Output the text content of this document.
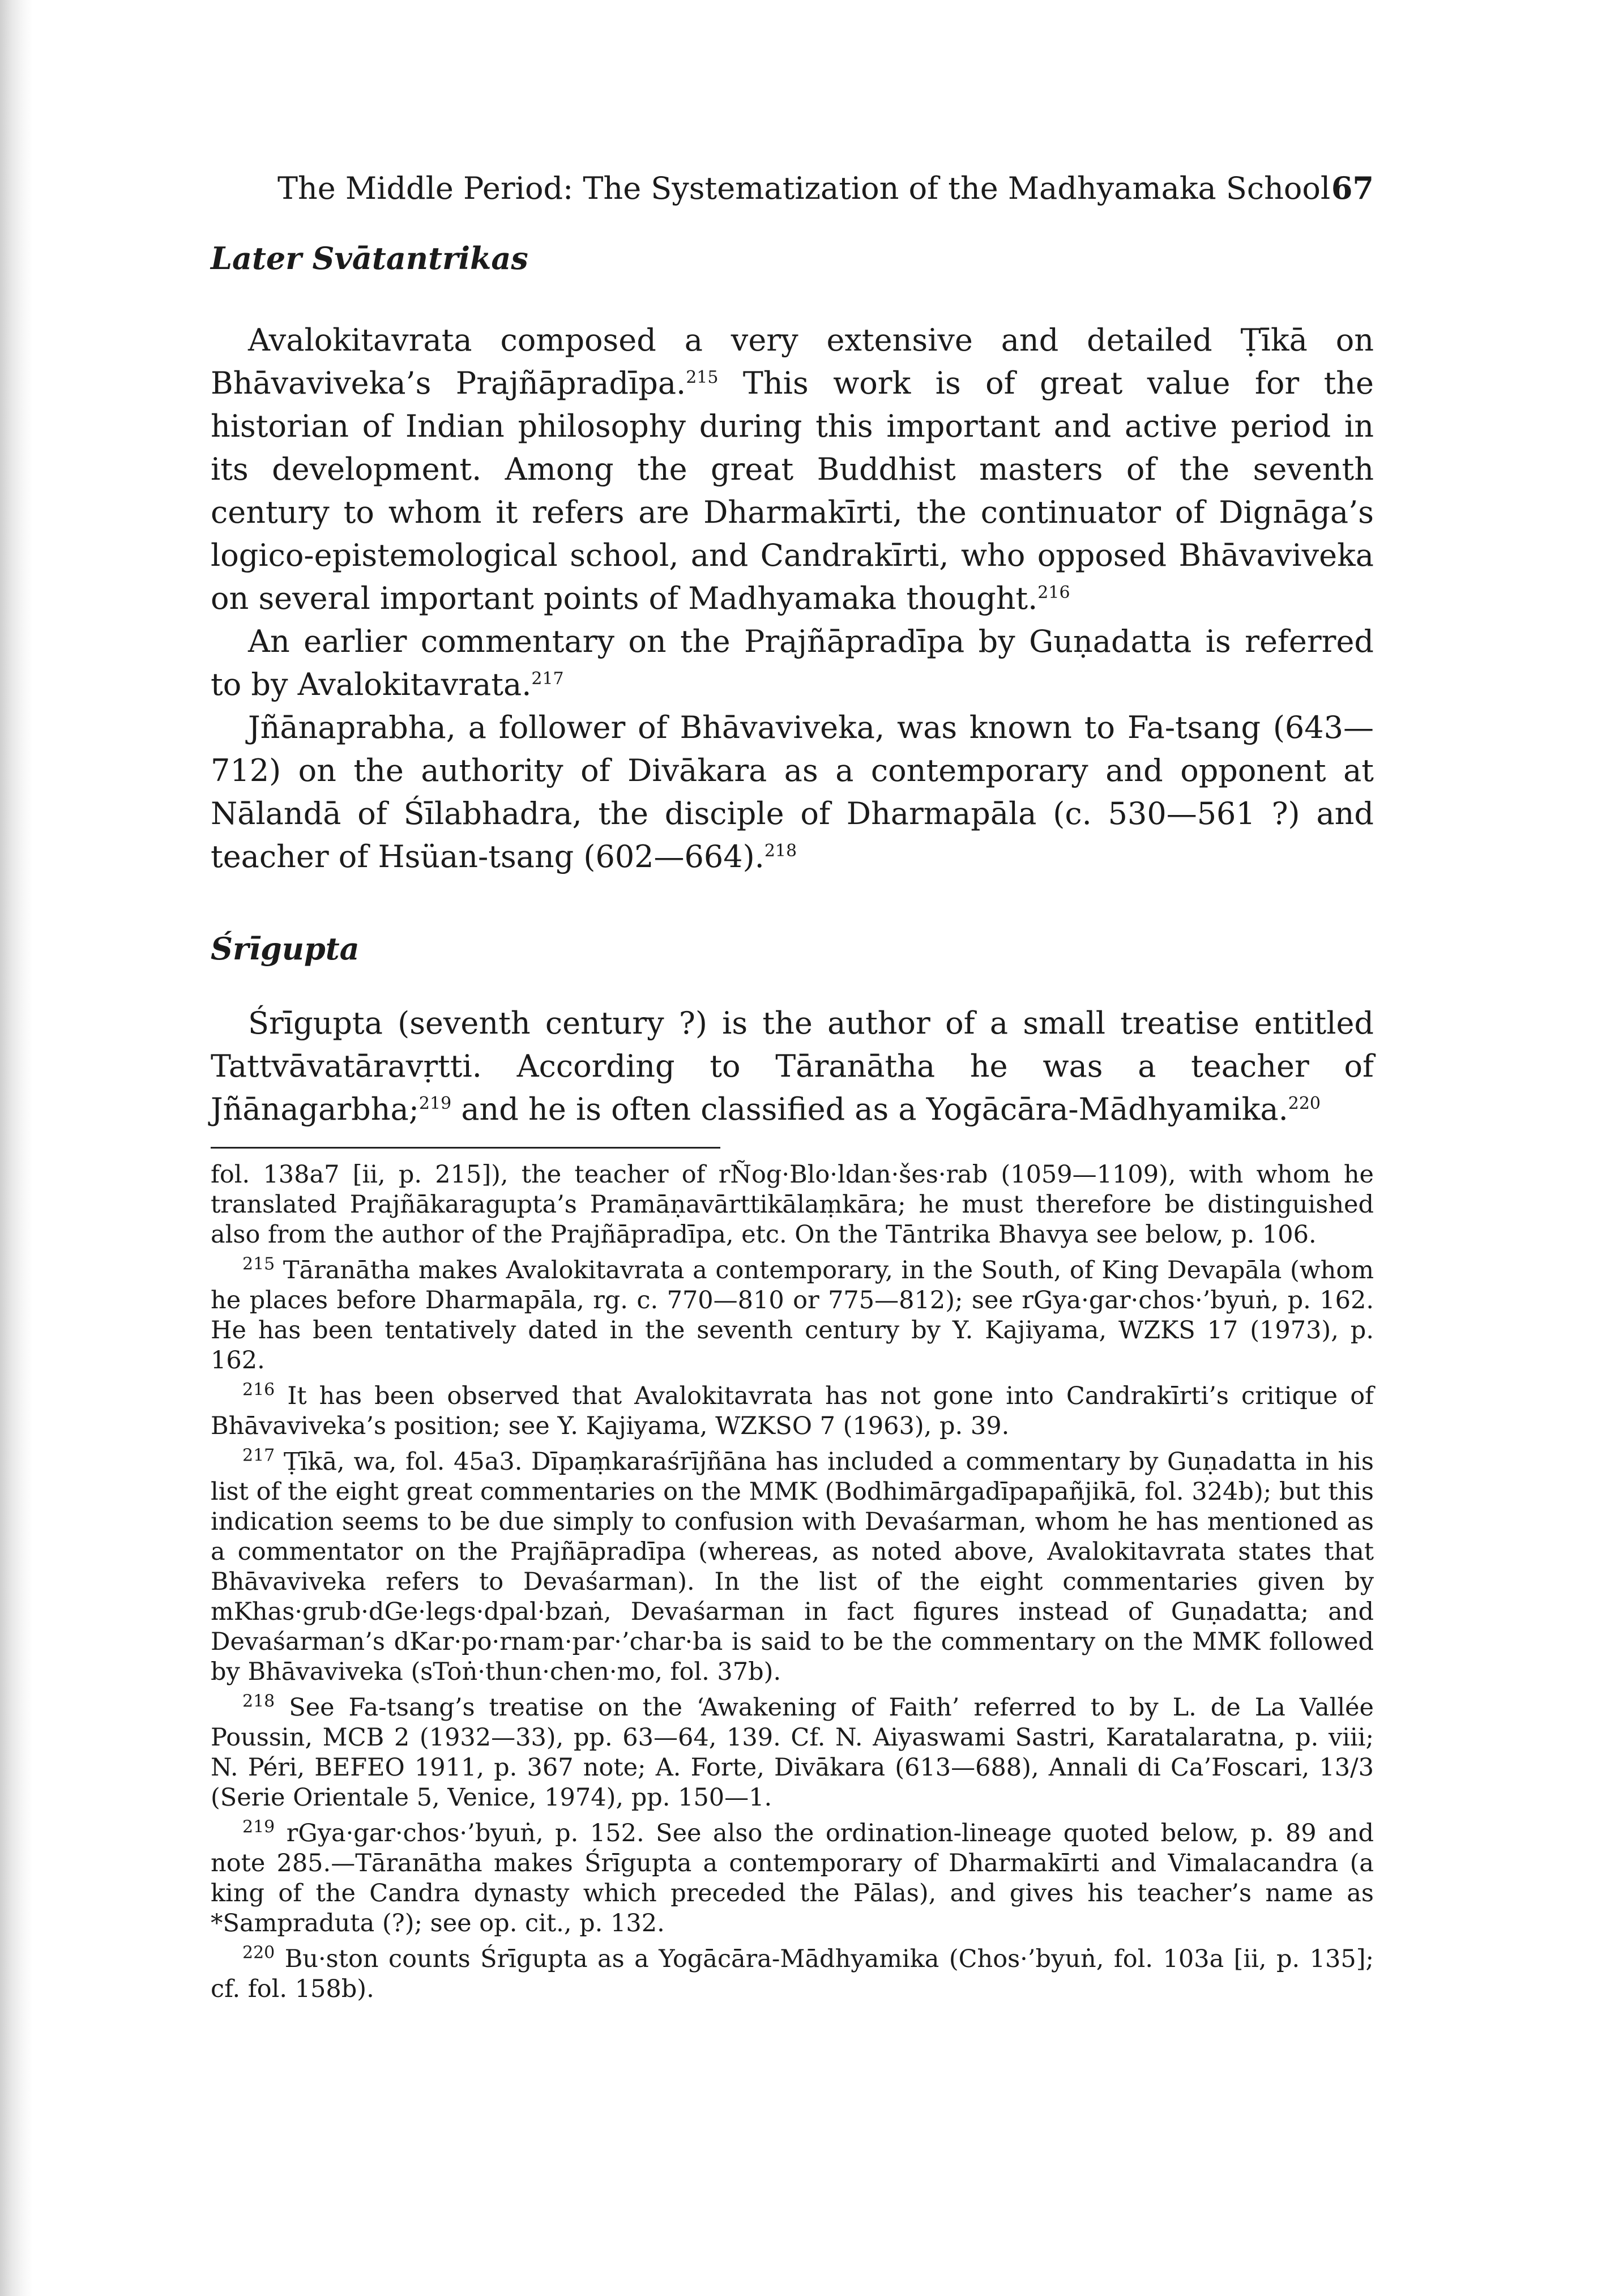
The Middle Period: The Systematization of the Madhyamaka School 67
Later Svātantrikas

Avalokitavrata composed a very extensive and detailed Ṭīkā on Bhāvaviveka’s Prajñāpradīpa.$^{215}$ This work is of great value for the historian of Indian philosophy during this important and active period in its development. Among the great Buddhist masters of the seventh century to whom it refers are Dharmakīrti, the continuator of Dignāga’s logico-epistemological school, and Candrakīrti, who opposed Bhāvaviveka on several important points of Madhyamaka thought.$^{216}$

An earlier commentary on the Prajñāpradīpa by Guṇadatta is referred to by Avalokitavrata.$^{217}$

Jñānaprabha, a follower of Bhāvaviveka, was known to Fa-tsang (643—712) on the authority of Divākara as a contemporary and opponent at Nālandā of Śīlabhadra, the disciple of Dharmapāla (c. 530—561 ?) and teacher of Hsüan-tsang (602—664).$^{218}$

Śrīgupta

Śrīgupta (seventh century ?) is the author of a small treatise entitled Tattvāvatāravṛtti. According to Tāranātha he was a teacher of Jñānagarbha;$^{219}$ and he is often classified as a Yogācāra-Mādhyamika.$^{220}$

fol. 138a7 [ii, p. 215]), the teacher of rÑog·Blo·ldan·šes·rab (1059—1109), with whom he translated Prajñākaragupta’s Pramāṇavārttikālaṃkāra; he must therefore be distinguished also from the author of the Prajñāpradīpa, etc. On the Tāntrika Bhavya see below, p. 106.

$^{215}$ Tāranātha makes Avalokitavrata a contemporary, in the South, of King Devapāla (whom he places before Dharmapāla, rg. c. 770—810 or 775—812); see rGya·gar·chos·’byuṅ, p. 162. He has been tentatively dated in the seventh century by Y. Kajiyama, WZKS 17 (1973), p. 162.

$^{216}$ It has been observed that Avalokitavrata has not gone into Candrakīrti’s critique of Bhāvaviveka’s position; see Y. Kajiyama, WZKSO 7 (1963), p. 39.

$^{217}$ Ṭīkā, wa, fol. 45a3. Dīpaṃkaraśrījñāna has included a commentary by Guṇadatta in his list of the eight great commentaries on the MMK (Bodhimārgadīpapañjikā, fol. 324b); but this indication seems to be due simply to confusion with Devaśarman, whom he has mentioned as a commentator on the Prajñāpradīpa (whereas, as noted above, Avalokitavrata states that Bhāvaviveka refers to Devaśarman). In the list of the eight commentaries given by mKhas·grub·dGe·legs·dpal·bzaṅ, Devaśarman in fact figures instead of Guṇadatta; and Devaśarman’s dKar·po·rnam·par·’char·ba is said to be the commentary on the MMK followed by Bhāvaviveka (sToṅ·thun·chen·mo, fol. 37b).

$^{218}$ See Fa-tsang’s treatise on the ‘Awakening of Faith’ referred to by L. de La Vallée Poussin, MCB 2 (1932—33), pp. 63—64, 139. Cf. N. Aiyaswami Sastri, Karatalaratna, p. viii; N. Péri, BEFEO 1911, p. 367 note; A. Forte, Divākara (613—688), Annali di Ca’Foscari, 13/3 (Serie Orientale 5, Venice, 1974), pp. 150—1.

$^{219}$ rGya·gar·chos·’byuṅ, p. 152. See also the ordination-lineage quoted below, p. 89 and note 285.—Tāranātha makes Śrīgupta a contemporary of Dharmakīrti and Vimalacandra (a king of the Candra dynasty which preceded the Pālas), and gives his teacher’s name as *Sampraduta (?); see op. cit., p. 132.

$^{220}$ Bu·ston counts Śrīgupta as a Yogācāra-Mādhyamika (Chos·’byuṅ, fol. 103a [ii, p. 135]; cf. fol. 158b).
